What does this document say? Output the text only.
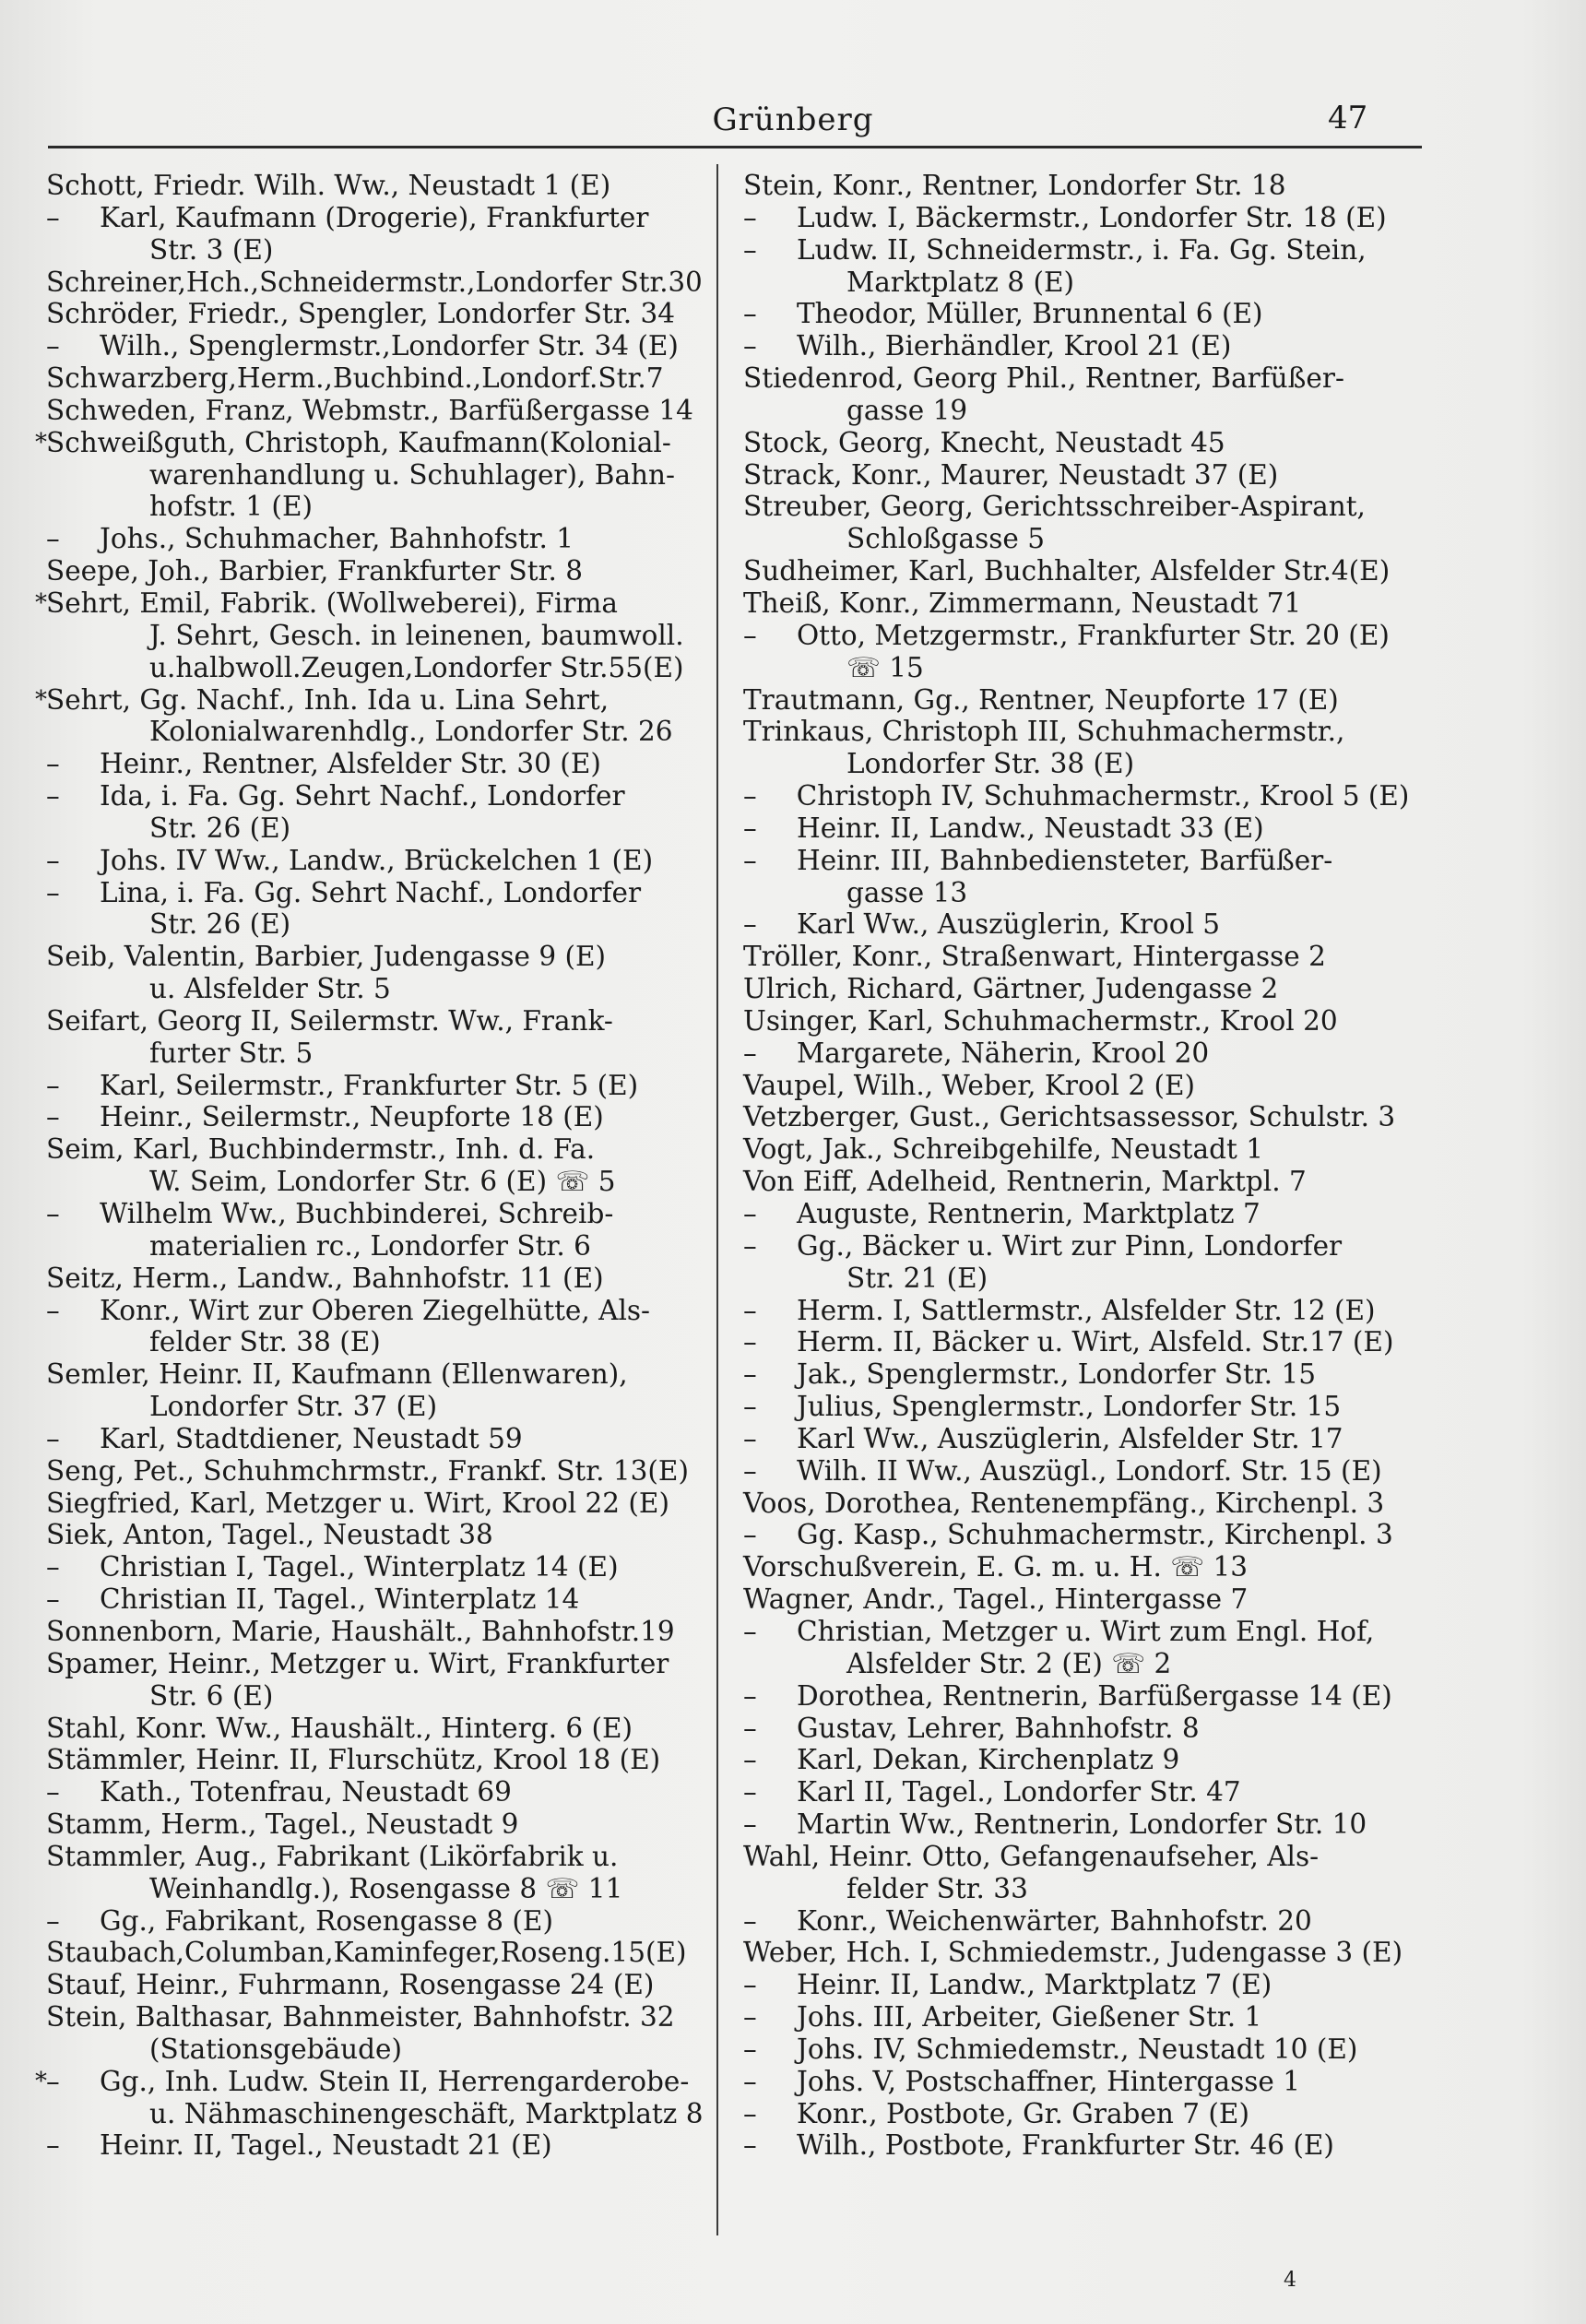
Grünberg	47
Schott, Friedr. Wilh. Ww., Neustadt 1 (E)
– Karl, Kaufmann (Drogerie), Frankfurter
Str. 3 (E)
Schreiner,Hch.,Schneidermstr.,Londorfer Str.30
Schröder, Friedr., Spengler, Londorfer Str. 34
– Wilh., Spenglermstr.,Londorfer Str. 34 (E)
Schwarzberg,Herm.,Buchbind.,Londorf.Str.7
Schweden, Franz, Webmstr., Barfüßergasse 14
* Schweißguth, Christoph, Kaufmann(Kolonial-
warenhandlung u. Schuhlager), Bahn-
hofstr. 1 (E)
– Johs., Schuhmacher, Bahnhofstr. 1
Seepe, Joh., Barbier, Frankfurter Str. 8
* Sehrt, Emil, Fabrik. (Wollweberei), Firma
J. Sehrt, Gesch. in leinenen, baumwoll.
u.halbwoll.Zeugen,Londorfer Str.55(E)
* Sehrt, Gg. Nachf., Inh. Ida u. Lina Sehrt,
Kolonialwarenhdlg., Londorfer Str. 26
– Heinr., Rentner, Alsfelder Str. 30 (E)
– Ida, i. Fa. Gg. Sehrt Nachf., Londorfer
Str. 26 (E)
– Johs. IV Ww., Landw., Brückelchen 1 (E)
– Lina, i. Fa. Gg. Sehrt Nachf., Londorfer
Str. 26 (E)
Seib, Valentin, Barbier, Judengasse 9 (E)
u. Alsfelder Str. 5
Seifart, Georg II, Seilermstr. Ww., Frank-
furter Str. 5
– Karl, Seilermstr., Frankfurter Str. 5 (E)
– Heinr., Seilermstr., Neupforte 18 (E)
Seim, Karl, Buchbindermstr., Inh. d. Fa.
W. Seim, Londorfer Str. 6 (E) ☏ 5
– Wilhelm Ww., Buchbinderei, Schreib-
materialien rc., Londorfer Str. 6
Seitz, Herm., Landw., Bahnhofstr. 11 (E)
– Konr., Wirt zur Oberen Ziegelhütte, Als-
felder Str. 38 (E)
Semler, Heinr. II, Kaufmann (Ellenwaren),
Londorfer Str. 37 (E)
– Karl, Stadtdiener, Neustadt 59
Seng, Pet., Schuhmchrmstr., Frankf. Str. 13(E)
Siegfried, Karl, Metzger u. Wirt, Krool 22 (E)
Siek, Anton, Tagel., Neustadt 38
– Christian I, Tagel., Winterplatz 14 (E)
– Christian II, Tagel., Winterplatz 14
Sonnenborn, Marie, Haushält., Bahnhofstr.19
Spamer, Heinr., Metzger u. Wirt, Frankfurter
Str. 6 (E)
Stahl, Konr. Ww., Haushält., Hinterg. 6 (E)
Stämmler, Heinr. II, Flurschütz, Krool 18 (E)
– Kath., Totenfrau, Neustadt 69
Stamm, Herm., Tagel., Neustadt 9
Stammler, Aug., Fabrikant (Likörfabrik u.
Weinhandlg.), Rosengasse 8 ☏ 11
– Gg., Fabrikant, Rosengasse 8 (E)
Staubach,Columban,Kaminfeger,Roseng.15(E)
Stauf, Heinr., Fuhrmann, Rosengasse 24 (E)
Stein, Balthasar, Bahnmeister, Bahnhofstr. 32
(Stationsgebäude)
* – Gg., Inh. Ludw. Stein II, Herrengarderobe-
u. Nähmaschinengeschäft, Marktplatz 8
– Heinr. II, Tagel., Neustadt 21 (E)
Stein, Konr., Rentner, Londorfer Str. 18
– Ludw. I, Bäckermstr., Londorfer Str. 18 (E)
– Ludw. II, Schneidermstr., i. Fa. Gg. Stein,
Marktplatz 8 (E)
– Theodor, Müller, Brunnental 6 (E)
– Wilh., Bierhändler, Krool 21 (E)
Stiedenrod, Georg Phil., Rentner, Barfüßer-
gasse 19
Stock, Georg, Knecht, Neustadt 45
Strack, Konr., Maurer, Neustadt 37 (E)
Streuber, Georg, Gerichtsschreiber-Aspirant,
Schloßgasse 5
Sudheimer, Karl, Buchhalter, Alsfelder Str.4(E)
Theiß, Konr., Zimmermann, Neustadt 71
– Otto, Metzgermstr., Frankfurter Str. 20 (E)
☏ 15
Trautmann, Gg., Rentner, Neupforte 17 (E)
Trinkaus, Christoph III, Schuhmachermstr.,
Londorfer Str. 38 (E)
– Christoph IV, Schuhmachermstr., Krool 5 (E)
– Heinr. II, Landw., Neustadt 33 (E)
– Heinr. III, Bahnbediensteter, Barfüßer-
gasse 13
– Karl Ww., Auszüglerin, Krool 5
Tröller, Konr., Straßenwart, Hintergasse 2
Ulrich, Richard, Gärtner, Judengasse 2
Usinger, Karl, Schuhmachermstr., Krool 20
– Margarete, Näherin, Krool 20
Vaupel, Wilh., Weber, Krool 2 (E)
Vetzberger, Gust., Gerichtsassessor, Schulstr. 3
Vogt, Jak., Schreibgehilfe, Neustadt 1
Von Eiff, Adelheid, Rentnerin, Marktpl. 7
– Auguste, Rentnerin, Marktplatz 7
– Gg., Bäcker u. Wirt zur Pinn, Londorfer
Str. 21 (E)
– Herm. I, Sattlermstr., Alsfelder Str. 12 (E)
– Herm. II, Bäcker u. Wirt, Alsfeld. Str.17 (E)
– Jak., Spenglermstr., Londorfer Str. 15
– Julius, Spenglermstr., Londorfer Str. 15
– Karl Ww., Auszüglerin, Alsfelder Str. 17
– Wilh. II Ww., Auszügl., Londorf. Str. 15 (E)
Voos, Dorothea, Rentenempfäng., Kirchenpl. 3
– Gg. Kasp., Schuhmachermstr., Kirchenpl. 3
Vorschußverein, E. G. m. u. H. ☏ 13
Wagner, Andr., Tagel., Hintergasse 7
– Christian, Metzger u. Wirt zum Engl. Hof,
Alsfelder Str. 2 (E) ☏ 2
– Dorothea, Rentnerin, Barfüßergasse 14 (E)
– Gustav, Lehrer, Bahnhofstr. 8
– Karl, Dekan, Kirchenplatz 9
– Karl II, Tagel., Londorfer Str. 47
– Martin Ww., Rentnerin, Londorfer Str. 10
Wahl, Heinr. Otto, Gefangenaufseher, Als-
felder Str. 33
– Konr., Weichenwärter, Bahnhofstr. 20
Weber, Hch. I, Schmiedemstr., Judengasse 3 (E)
– Heinr. II, Landw., Marktplatz 7 (E)
– Johs. III, Arbeiter, Gießener Str. 1
– Johs. IV, Schmiedemstr., Neustadt 10 (E)
– Johs. V, Postschaffner, Hintergasse 1
– Konr., Postbote, Gr. Graben 7 (E)
– Wilh., Postbote, Frankfurter Str. 46 (E)
4
